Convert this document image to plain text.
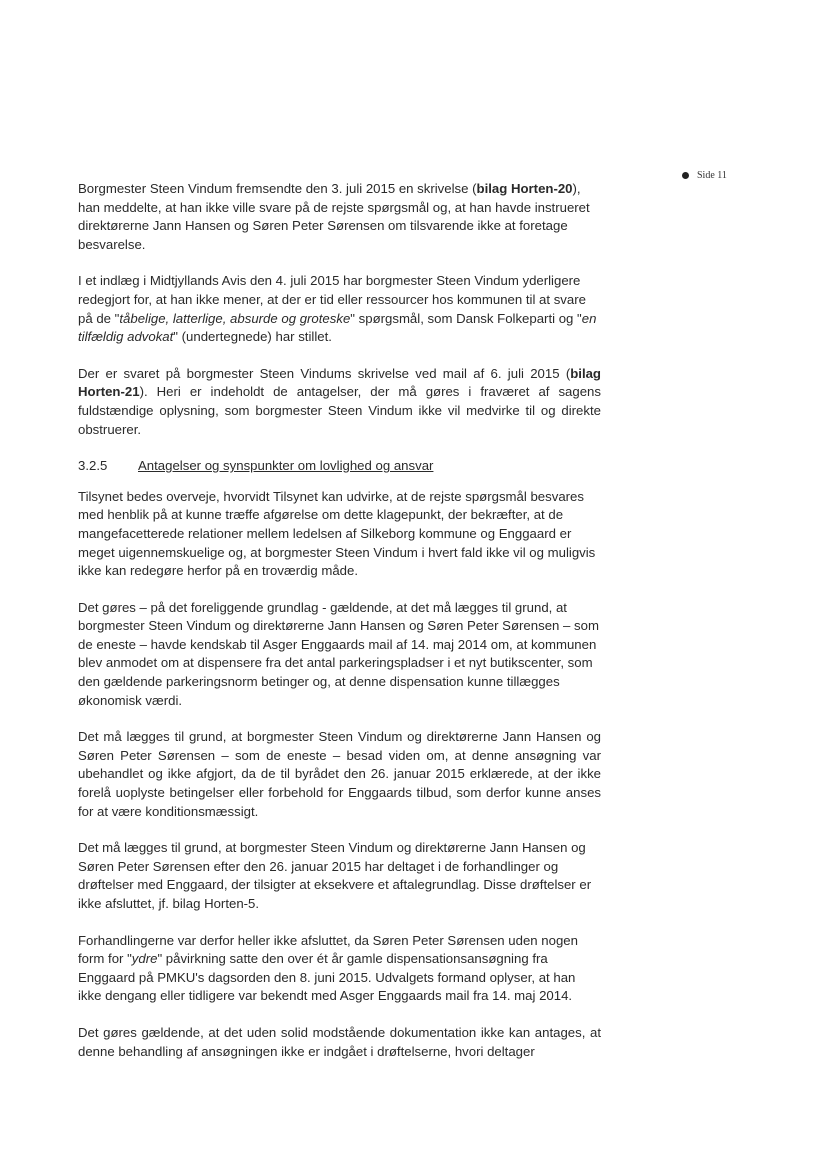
Side 11

Borgmester Steen Vindum fremsendte den 3. juli 2015 en skrivelse (bilag Horten-20), han meddelte, at han ikke ville svare på de rejste spørgsmål og, at han havde instrueret direktørerne Jann Hansen og Søren Peter Sørensen om tilsvarende ikke at foretage besvarelse.

I et indlæg i Midtjyllands Avis den 4. juli 2015 har borgmester Steen Vindum yderligere redegjort for, at han ikke mener, at der er tid eller ressourcer hos kommunen til at svare på de "tåbelige, latterlige, absurde og groteske" spørgsmål, som Dansk Folkeparti og "en tilfældig advokat" (undertegnede) har stillet.

Der er svaret på borgmester Steen Vindums skrivelse ved mail af 6. juli 2015 (bilag Horten-21). Heri er indeholdt de antagelser, der må gøres i fraværet af sagens fuldstændige oplysning, som borgmester Steen Vindum ikke vil medvirke til og direkte obstruerer.

3.2.5	Antagelser og synspunkter om lovlighed og ansvar

Tilsynet bedes overveje, hvorvidt Tilsynet kan udvirke, at de rejste spørgsmål besvares med henblik på at kunne træffe afgørelse om dette klagepunkt, der bekræfter, at de mangefacetterede relationer mellem ledelsen af Silkeborg kommune og Enggaard er meget uigennemskuelige og, at borgmester Steen Vindum i hvert fald ikke vil og muligvis ikke kan redegøre herfor på en troværdig måde.

Det gøres – på det foreliggende grundlag - gældende, at det må lægges til grund, at borgmester Steen Vindum og direktørerne Jann Hansen og Søren Peter Sørensen – som de eneste – havde kendskab til Asger Enggaards mail af 14. maj 2014 om, at kommunen blev anmodet om at dispensere fra det antal parkeringspladser i et nyt butikscenter, som den gældende parkeringsnorm betinger og, at denne dispensation kunne tillægges økonomisk værdi.

Det må lægges til grund, at borgmester Steen Vindum og direktørerne Jann Hansen og Søren Peter Sørensen – som de eneste – besad viden om, at denne ansøgning var ubehandlet og ikke afgjort, da de til byrådet den 26. januar 2015 erklærede, at der ikke forelå uoplyste betingelser eller forbehold for Enggaards tilbud, som derfor kunne anses for at være konditionsmæssigt.

Det må lægges til grund, at borgmester Steen Vindum og direktørerne Jann Hansen og Søren Peter Sørensen efter den 26. januar 2015 har deltaget i de forhandlinger og drøftelser med Enggaard, der tilsigter at eksekvere et aftalegrundlag. Disse drøftelser er ikke afsluttet, jf. bilag Horten-5.

Forhandlingerne var derfor heller ikke afsluttet, da Søren Peter Sørensen uden nogen form for "ydre" påvirkning satte den over ét år gamle dispensationsansøgning fra Enggaard på PMKU's dagsorden den 8. juni 2015. Udvalgets formand oplyser, at han ikke dengang eller tidligere var bekendt med Asger Enggaards mail fra 14. maj 2014.

Det gøres gældende, at det uden solid modstående dokumentation ikke kan antages, at denne behandling af ansøgningen ikke er indgået i drøftelserne, hvori deltager
